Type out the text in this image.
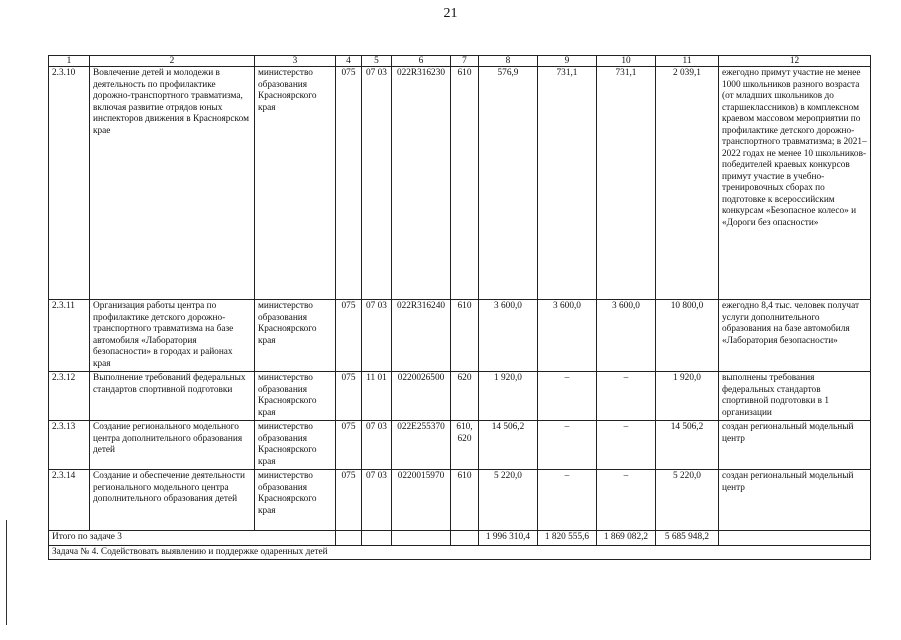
21
1	2	3	4	5	6	7	8	9	10	11	12
2.3.10	Вовлечение детей и молодежи в деятельность по профилактике дорожно-транспортного травматизма, включая развитие отрядов юных инспекторов движения в Красноярском крае	министерство образования Красноярского края	075	07 03	022R316230	610	576,9	731,1	731,1	2 039,1	ежегодно примут участие не менее 1000 школьников разного возраста (от младших школьников до старшеклассников) в комплексном краевом массовом мероприятии по профилактике детского дорожно-транспортного травматизма; в 2021–2022 годах не менее 10 школьников-победителей краевых конкурсов примут участие в учебно-тренировочных сборах по подготовке к всероссийским конкурсам «Безопасное колесо» и «Дороги без опасности»
2.3.11	Организация работы центра по профилактике детского дорожно-транспортного травматизма на базе автомобиля «Лаборатория безопасности» в городах и районах края	министерство образования Красноярского края	075	07 03	022R316240	610	3 600,0	3 600,0	3 600,0	10 800,0	ежегодно 8,4 тыс. человек получат услуги дополнительного образования на базе автомобиля «Лаборатория безопасности»
2.3.12	Выполнение требований федеральных стандартов спортивной подготовки	министерство образования Красноярского края	075	11 01	0220026500	620	1 920,0	–	–	1 920,0	выполнены требования федеральных стандартов спортивной подготовки в 1 организации
2.3.13	Создание регионального модельного центра дополнительного образования детей	министерство образования Красноярского края	075	07 03	022E255370	610, 620	14 506,2	–	–	14 506,2	создан региональный модельный центр
2.3.14	Создание и обеспечение деятельности регионального модельного центра дополнительного образования детей	министерство образования Красноярского края	075	07 03	0220015970	610	5 220,0	–	–	5 220,0	создан региональный модельный центр
Итого по задаче 3							1 996 310,4	1 820 555,6	1 869 082,2	5 685 948,2	
Задача № 4. Содействовать выявлению и поддержке одаренных детей											
